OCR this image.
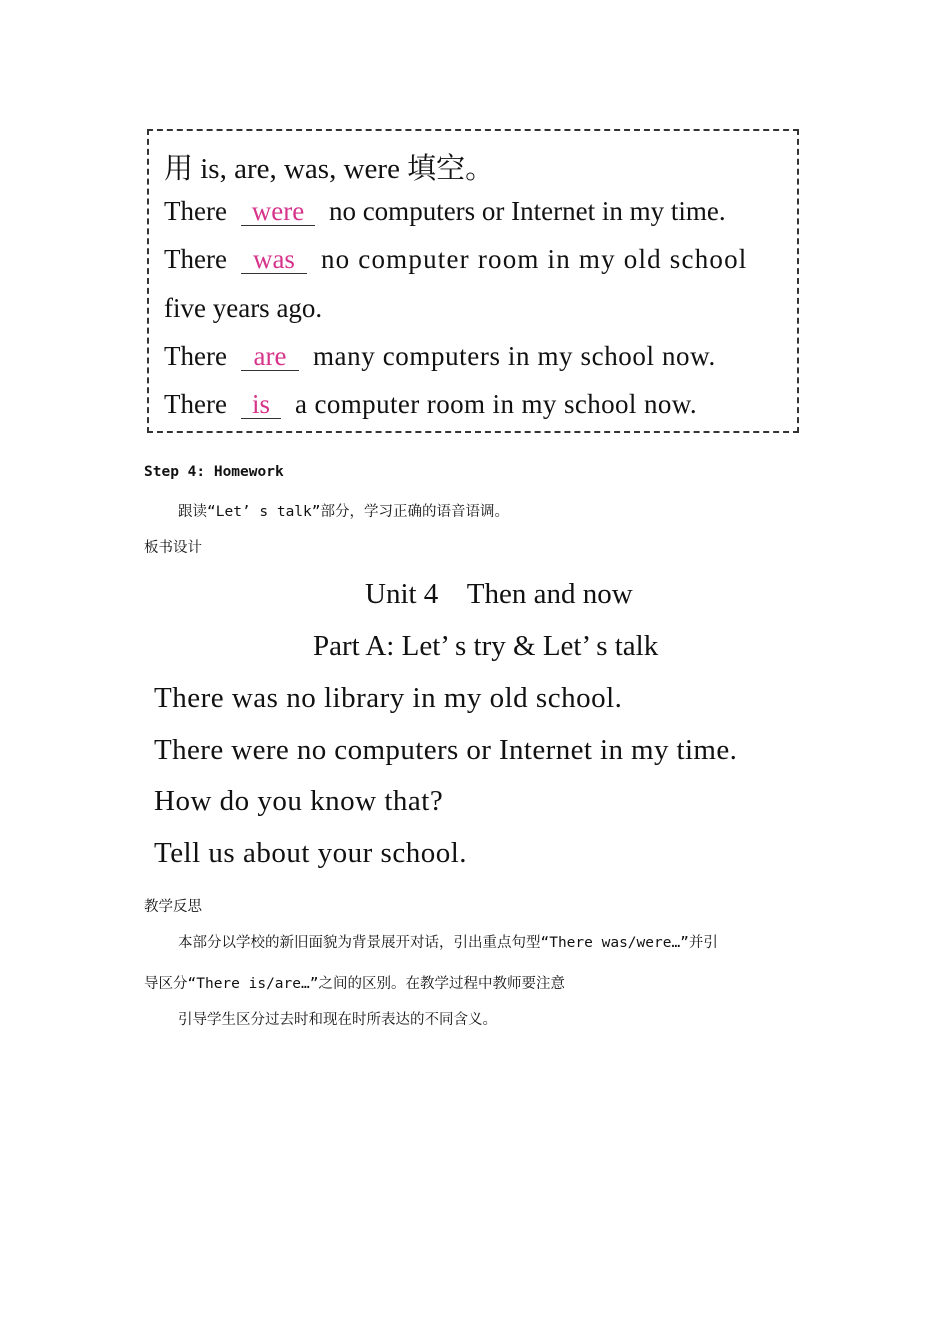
用 is, are, was, were 填空。
There were no computers or Internet in my time.
There was no computer room in my old school
five years ago.
There are many computers in my school now.
There is a computer room in my school now.
Step 4: Homework
跟读“Let’ s talk”部分，学习正确的语音语调。
板书设计
Unit 4    Then and now
Part A: Let’ s try & Let’ s talk
There was no library in my old school.
There were no computers or Internet in my time.
How do you know that?
Tell us about your school.
教学反思
本部分以学校的新旧面貌为背景展开对话，引出重点句型“There was/were…”并引
导区分“There is/are…”之间的区别。在教学过程中教师要注意
引导学生区分过去时和现在时所表达的不同含义。
